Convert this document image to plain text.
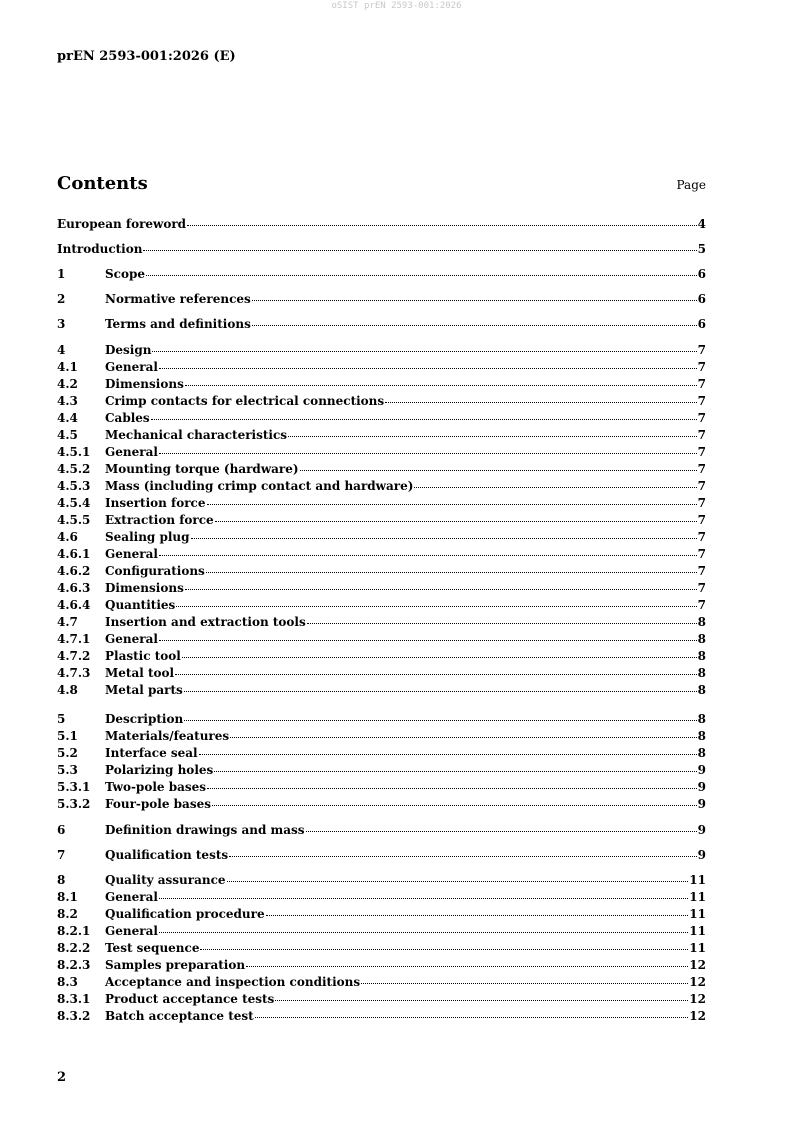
oSIST prEN 2593-001:2026
prEN 2593-001:2026 (E)
Contents	Page
European foreword	4
Introduction	5
1	Scope	6
2	Normative references	6
3	Terms and definitions	6
4	Design	7
4.1	General	7
4.2	Dimensions	7
4.3	Crimp contacts for electrical connections	7
4.4	Cables	7
4.5	Mechanical characteristics	7
4.5.1	General	7
4.5.2	Mounting torque (hardware)	7
4.5.3	Mass (including crimp contact and hardware)	7
4.5.4	Insertion force	7
4.5.5	Extraction force	7
4.6	Sealing plug	7
4.6.1	General	7
4.6.2	Configurations	7
4.6.3	Dimensions	7
4.6.4	Quantities	7
4.7	Insertion and extraction tools	8
4.7.1	General	8
4.7.2	Plastic tool	8
4.7.3	Metal tool	8
4.8	Metal parts	8
5	Description	8
5.1	Materials/features	8
5.2	Interface seal	8
5.3	Polarizing holes	9
5.3.1	Two-pole bases	9
5.3.2	Four-pole bases	9
6	Definition drawings and mass	9
7	Qualification tests	9
8	Quality assurance	11
8.1	General	11
8.2	Qualification procedure	11
8.2.1	General	11
8.2.2	Test sequence	11
8.2.3	Samples preparation	12
8.3	Acceptance and inspection conditions	12
8.3.1	Product acceptance tests	12
8.3.2	Batch acceptance test	12
2
